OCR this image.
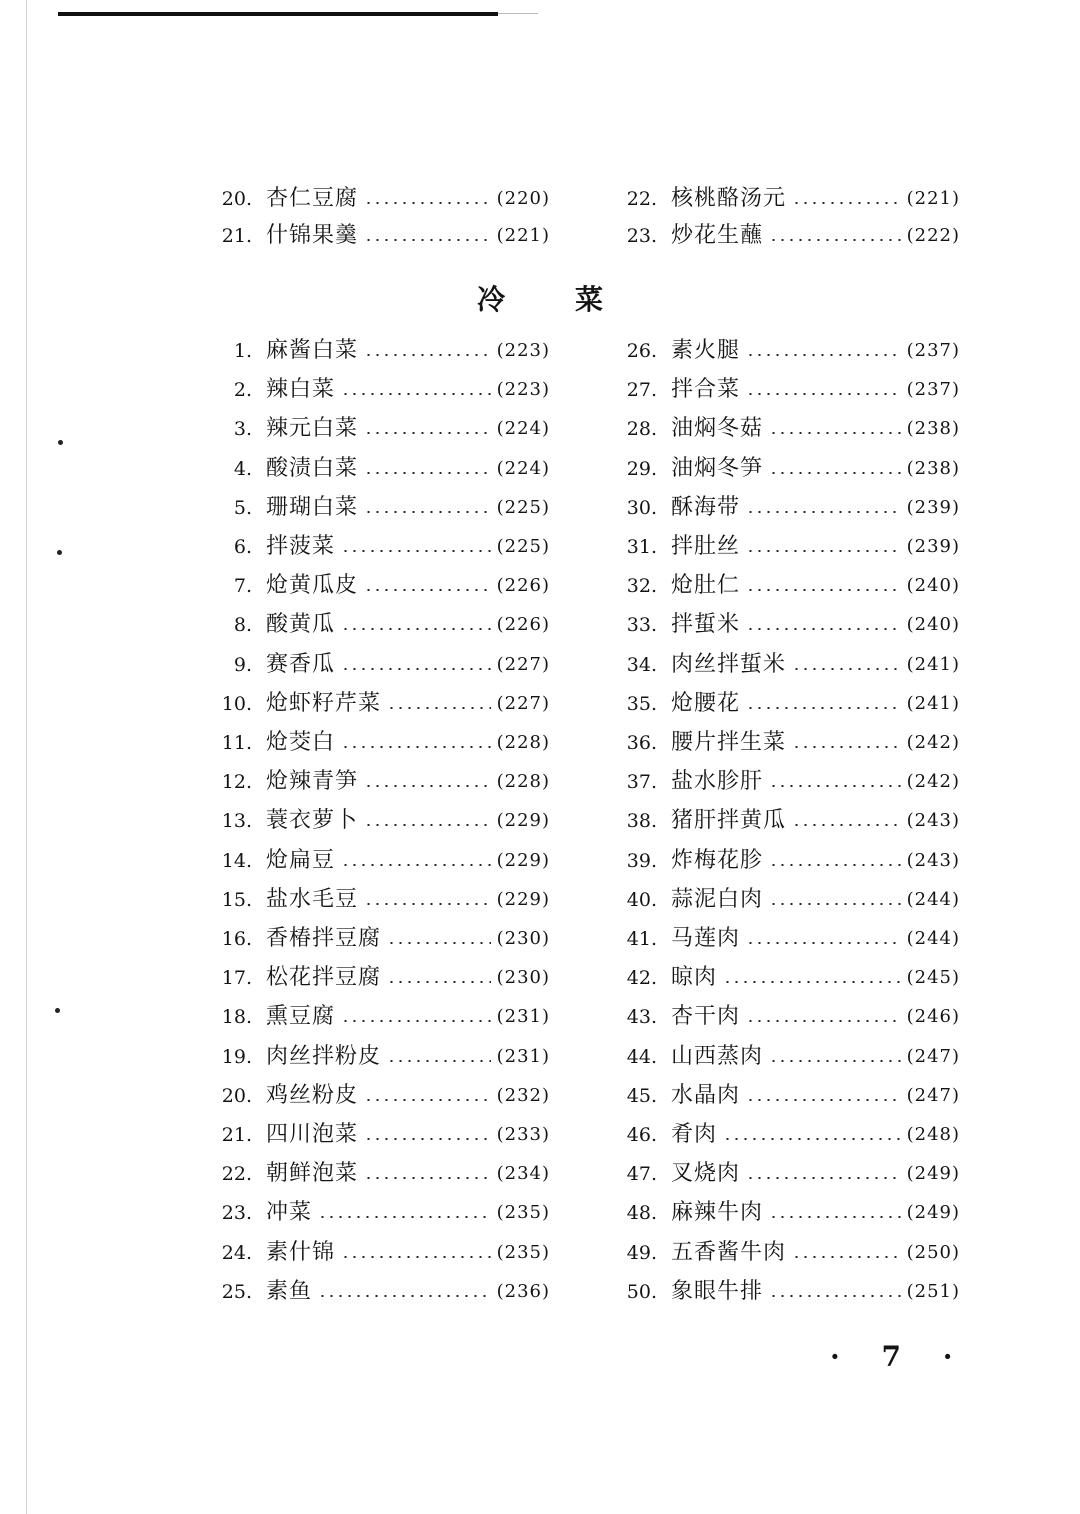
20. 杏仁豆腐	(220)
21. 什锦果羹	(221)
22. 核桃酪汤元	(221)
23. 炒花生蘸	(222)
冷菜
1. 麻酱白菜	(223)
2. 辣白菜	(223)
3. 辣元白菜	(224)
4. 酸渍白菜	(224)
5. 珊瑚白菜	(225)
6. 拌菠菜	(225)
7. 炝黄瓜皮	(226)
8. 酸黄瓜	(226)
9. 赛香瓜	(227)
10. 炝虾籽芹菜	(227)
11. 炝茭白	(228)
12. 炝辣青笋	(228)
13. 蓑衣萝卜	(229)
14. 炝扁豆	(229)
15. 盐水毛豆	(229)
16. 香椿拌豆腐	(230)
17. 松花拌豆腐	(230)
18. 熏豆腐	(231)
19. 肉丝拌粉皮	(231)
20. 鸡丝粉皮	(232)
21. 四川泡菜	(233)
22. 朝鲜泡菜	(234)
23. 冲菜	(235)
24. 素什锦	(235)
25. 素鱼	(236)
26. 素火腿	(237)
27. 拌合菜	(237)
28. 油焖冬菇	(238)
29. 油焖冬笋	(238)
30. 酥海带	(239)
31. 拌肚丝	(239)
32. 炝肚仁	(240)
33. 拌蜇米	(240)
34. 肉丝拌蜇米	(241)
35. 炝腰花	(241)
36. 腰片拌生菜	(242)
37. 盐水胗肝	(242)
38. 猪肝拌黄瓜	(243)
39. 炸梅花胗	(243)
40. 蒜泥白肉	(244)
41. 马莲肉	(244)
42. 晾肉	(245)
43. 杏干肉	(246)
44. 山西蒸肉	(247)
45. 水晶肉	(247)
46. 肴肉	(248)
47. 叉烧肉	(249)
48. 麻辣牛肉	(249)
49. 五香酱牛肉	(250)
50. 象眼牛排	(251)
· 7 ·
